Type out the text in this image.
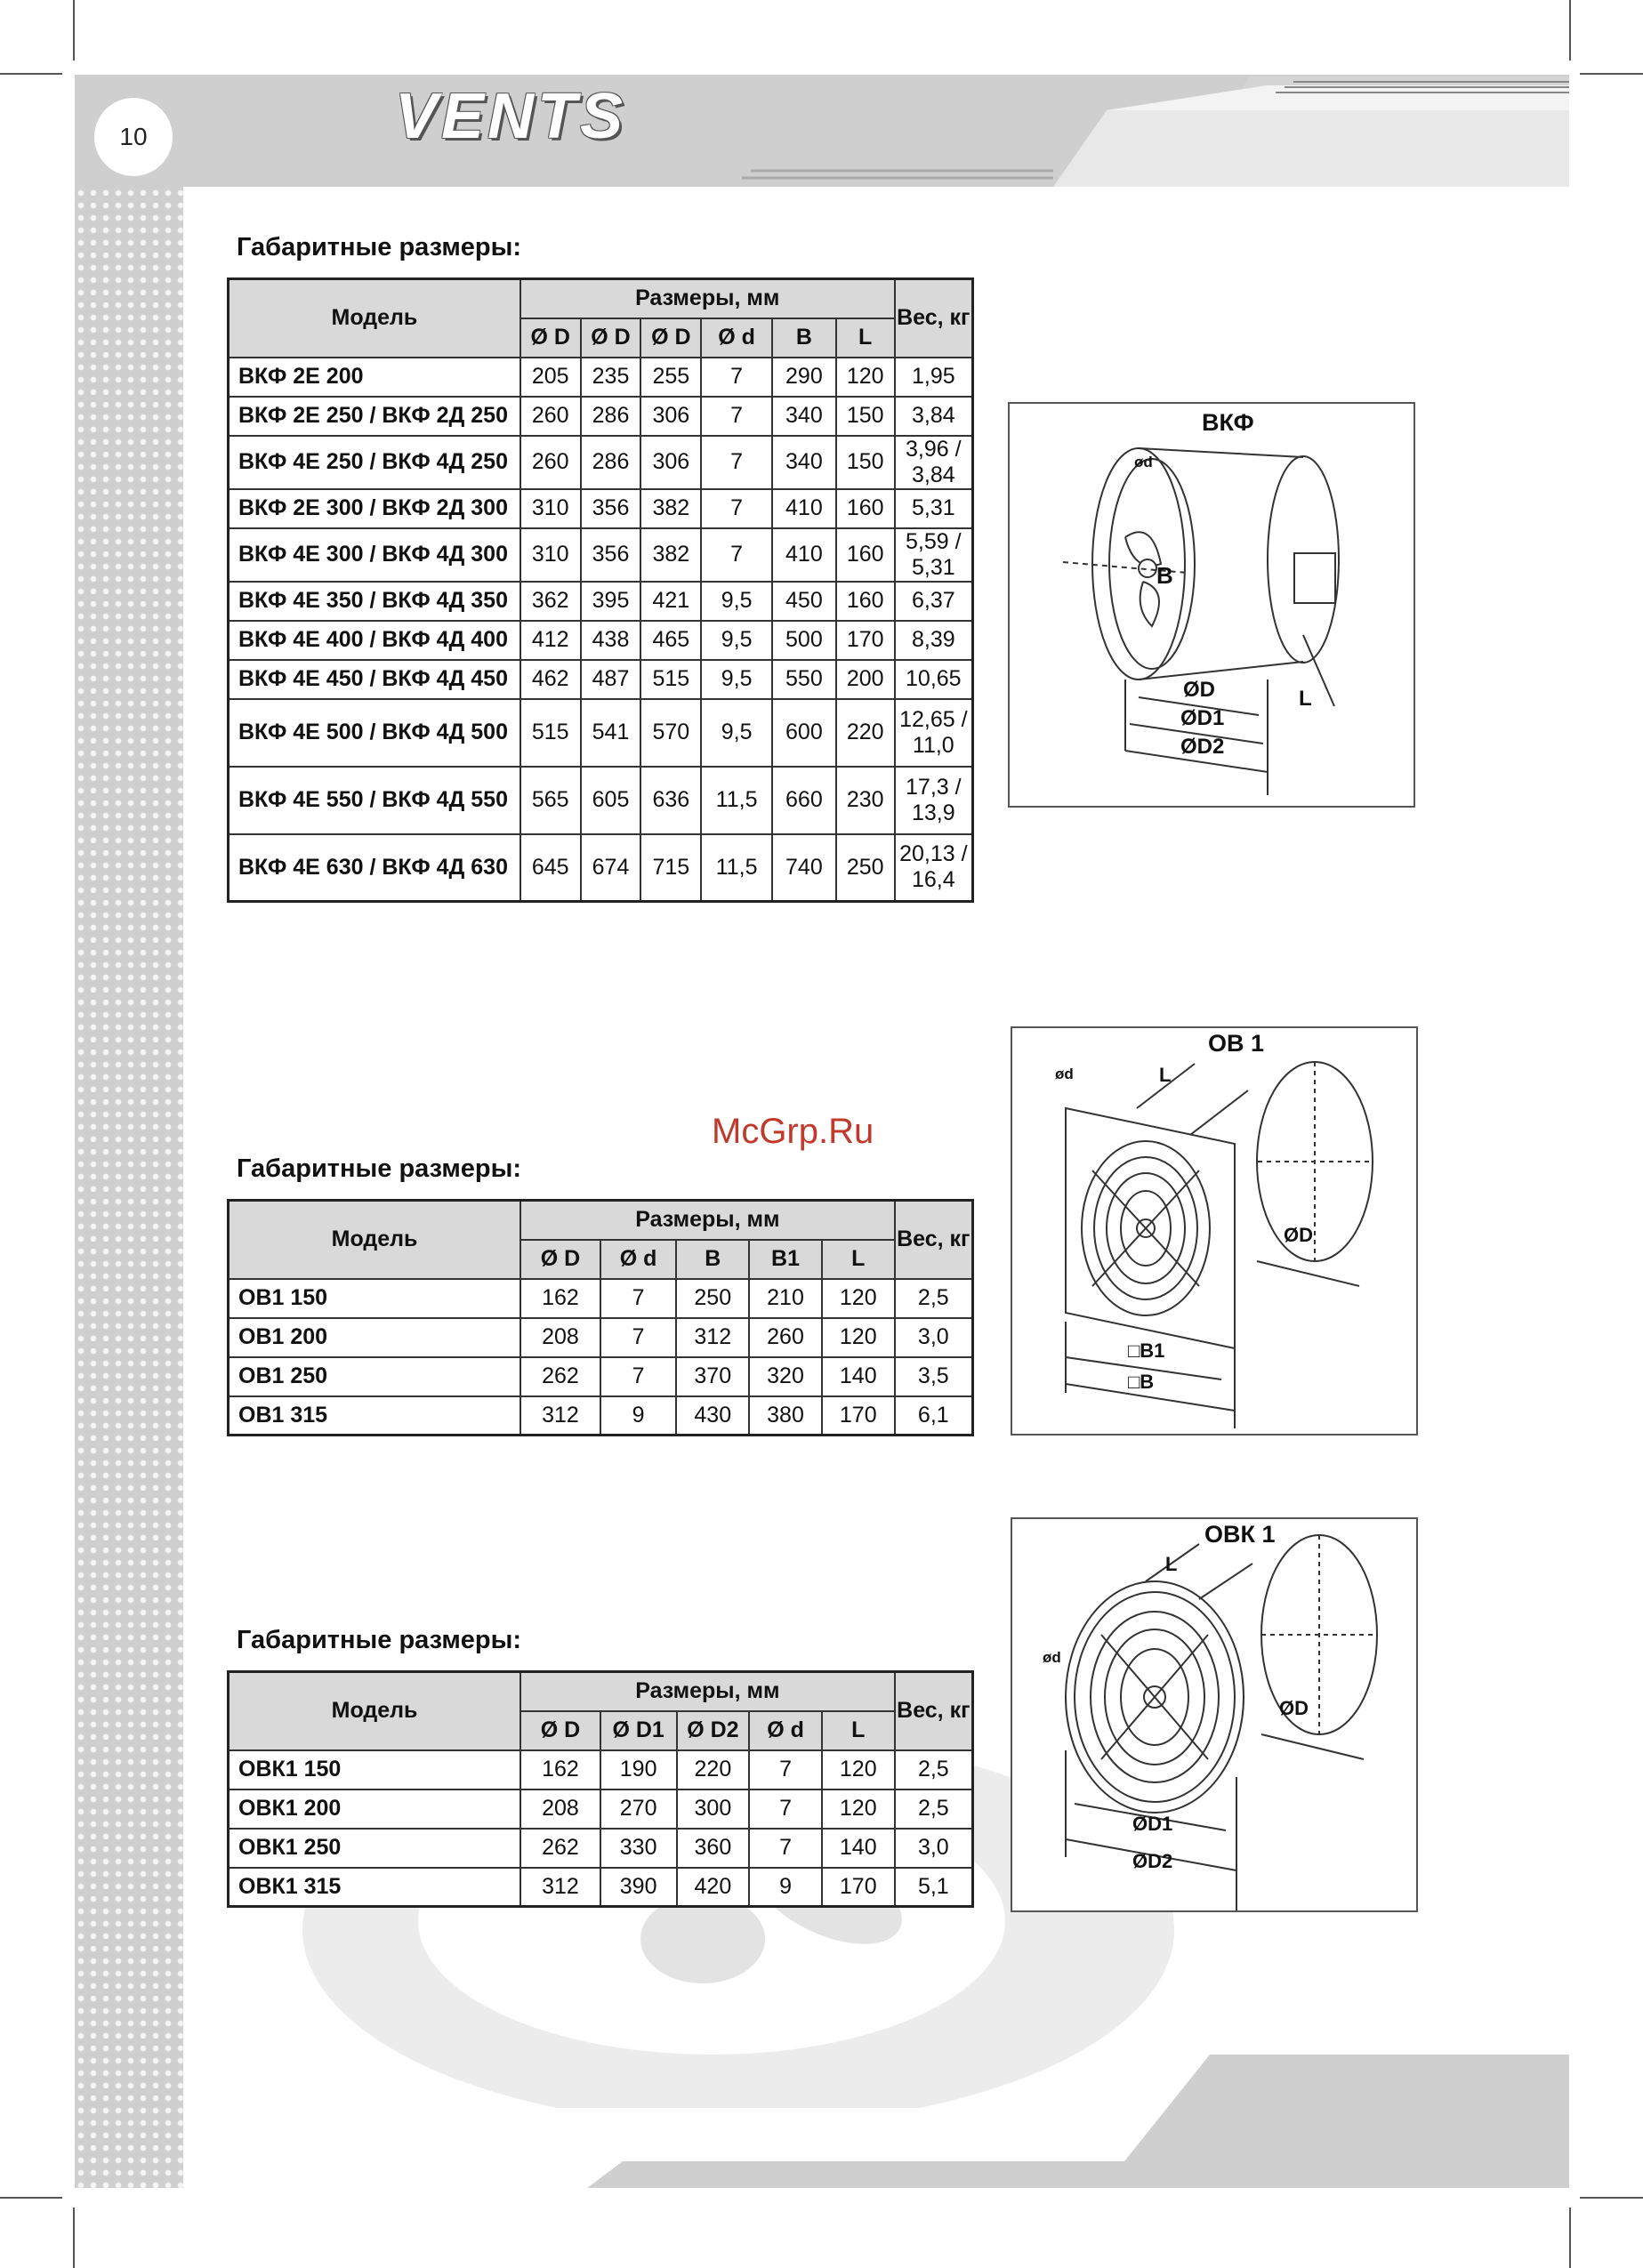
10	VENTS
Габаритные размеры:
Модель	Размеры, мм						Вес, кг
	Ø D	Ø D	Ø D	Ø d	B	L	
ВКФ 2Е 200	205	235	255	7	290	120	1,95
ВКФ 2Е 250 / ВКФ 2Д 250	260	286	306	7	340	150	3,84
ВКФ 4Е 250 / ВКФ 4Д 250	260	286	306	7	340	150	3,96 / 3,84
ВКФ 2Е 300 / ВКФ 2Д 300	310	356	382	7	410	160	5,31
ВКФ 4Е 300 / ВКФ 4Д 300	310	356	382	7	410	160	5,59 / 5,31
ВКФ 4Е 350 / ВКФ 4Д 350	362	395	421	9,5	450	160	6,37
ВКФ 4Е 400 / ВКФ 4Д 400	412	438	465	9,5	500	170	8,39
ВКФ 4Е 450 / ВКФ 4Д 450	462	487	515	9,5	550	200	10,65
ВКФ 4Е 500 / ВКФ 4Д 500	515	541	570	9,5	600	220	12,65 / 11,0
ВКФ 4Е 550 / ВКФ 4Д 550	565	605	636	11,5	660	230	17,3 / 13,9
ВКФ 4Е 630 / ВКФ 4Д 630	645	674	715	11,5	740	250	20,13 / 16,4
ВКФ
ød
B
ØD
ØD1
ØD2
L
McGrp.Ru
Габаритные размеры:
Модель	Размеры, мм					Вес, кг
	Ø D	Ø d	B	B1	L	
ОВ1 150	162	7	250	210	120	2,5
ОВ1 200	208	7	312	260	120	3,0
ОВ1 250	262	7	370	320	140	3,5
ОВ1 315	312	9	430	380	170	6,1
ОВ 1
ød	L
ØD
□B1
□B
Габаритные размеры:
Модель	Размеры, мм					Вес, кг
	Ø D	Ø D1	Ø D2	Ø d	L	
ОВК1 150	162	190	220	7	120	2,5
ОВК1 200	208	270	300	7	120	2,5
ОВК1 250	262	330	360	7	140	3,0
ОВК1 315	312	390	420	9	170	5,1
ОВК 1
ød
L
ØD
ØD1
ØD2
